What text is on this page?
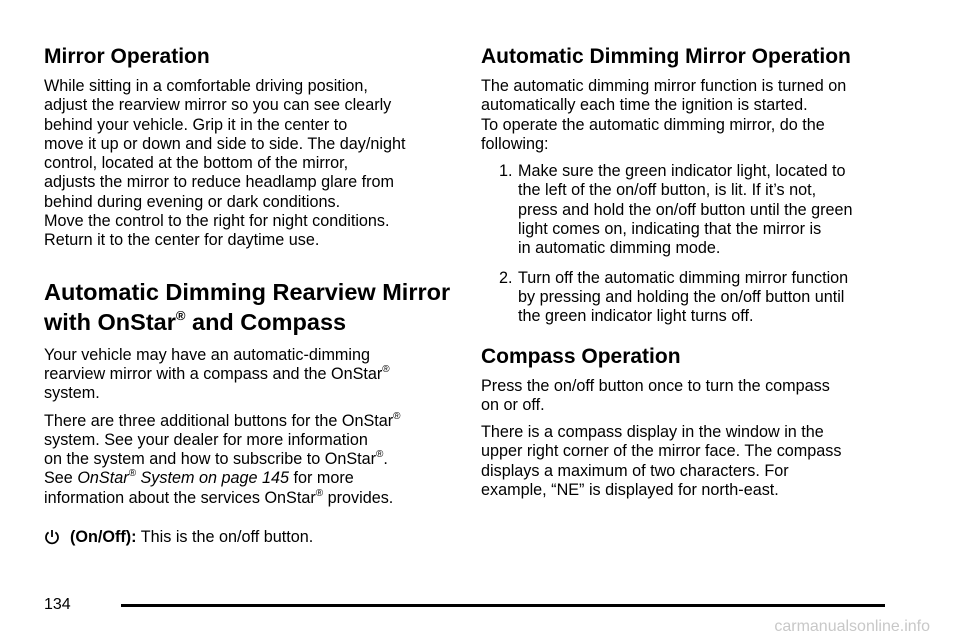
Mirror Operation

While sitting in a comfortable driving position,
adjust the rearview mirror so you can see clearly
behind your vehicle. Grip it in the center to
move it up or down and side to side. The day/night
control, located at the bottom of the mirror,
adjusts the mirror to reduce headlamp glare from
behind during evening or dark conditions.
Move the control to the right for night conditions.
Return it to the center for daytime use.

Automatic Dimming Rearview Mirror
with OnStar® and Compass

Your vehicle may have an automatic-dimming
rearview mirror with a compass and the OnStar®
system.

There are three additional buttons for the OnStar®
system. See your dealer for more information
on the system and how to subscribe to OnStar®.
See OnStar® System on page 145 for more
information about the services OnStar® provides.

(On/Off): This is the on/off button.

Automatic Dimming Mirror Operation

The automatic dimming mirror function is turned on
automatically each time the ignition is started.
To operate the automatic dimming mirror, do the
following:

1. Make sure the green indicator light, located to
the left of the on/off button, is lit. If it’s not,
press and hold the on/off button until the green
light comes on, indicating that the mirror is
in automatic dimming mode.
2. Turn off the automatic dimming mirror function
by pressing and holding the on/off button until
the green indicator light turns off.
Compass Operation

Press the on/off button once to turn the compass
on or off.

There is a compass display in the window in the
upper right corner of the mirror face. The compass
displays a maximum of two characters. For
example, “NE” is displayed for north-east.

134
carmanualsonline.info
